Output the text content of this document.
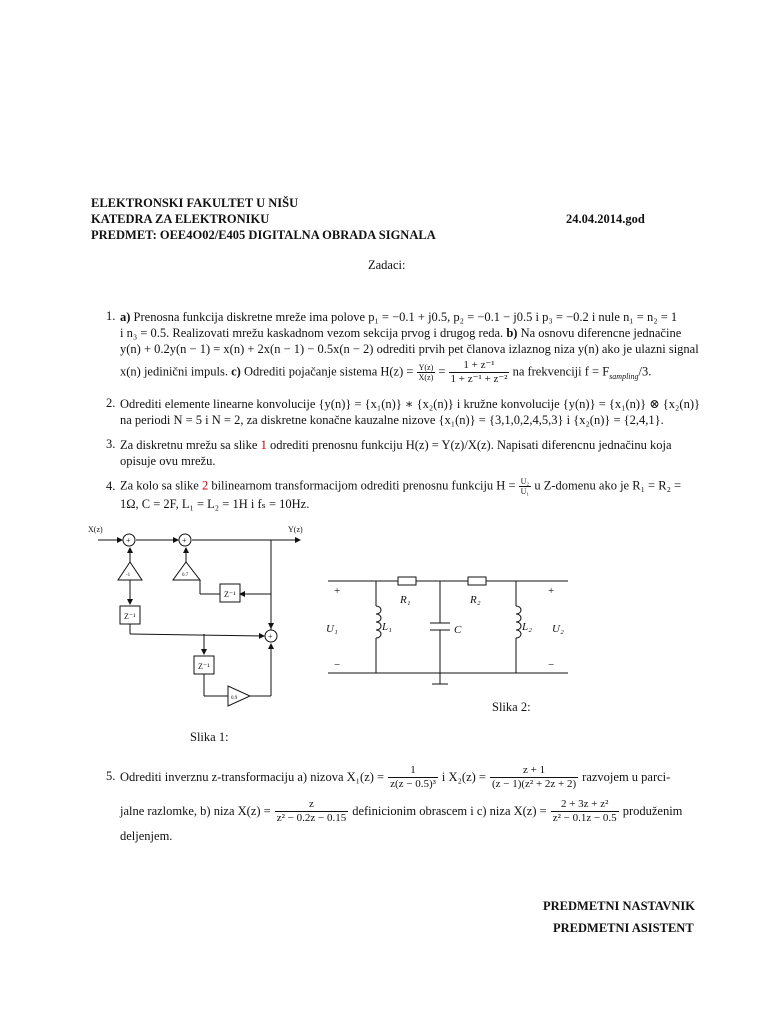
ELEKTRONSKI FAKULTET U NIŠU
KATEDRA ZA ELEKTRONIKU
PREDMET: OEE4O02/E405 DIGITALNA OBRADA SIGNALA
24.04.2014.god
Zadaci:
1. a) Prenosna funkcija diskretne mreže ima polove p₁ = −0.1 + j0.5, p₂ = −0.1 − j0.5 i p₃ = −0.2 i nule n₁ = n₂ = 1
i n₃ = 0.5. Realizovati mrežu kaskadnom vezom sekcija prvog i drugog reda. b) Na osnovu diferencne jednačine
y(n) + 0.2y(n − 1) = x(n) + 2x(n − 1) − 0.5x(n − 2) odrediti prvih pet članova izlaznog niza y(n) ako je ulazni signal
x(n) jedinični impuls. c) Odrediti pojačanje sistema $H(z) = \frac{Y(z)}{X(z)} = \frac{\text{1 + z⁻¹}}{\text{1 + z⁻¹ + z⁻²}}$ na frekvenciji $f = F_{sampling}/3$.
2. Odrediti elemente linearne konvolucije {y(n)} = {x₁(n)} ∗ {x₂(n)} i kružne konvolucije {y(n)} = {x₁(n)} ⊗ {x₂(n)}
na periodi N = 5 i N = 2, za diskretne konačne kauzalne nizove {x₁(n)} = {3,1,0,2,4,5,3} i {x₂(n)} = {2,4,1}.
3. Za diskretnu mrežu sa slike 1 odrediti prenosnu funkciju H(z) = Y(z)/X(z). Napisati diferencnu jednačinu koja
opisuje ovu mrežu.
4. Za kolo sa slike 2 bilinearnom transformacijom odrediti prenosnu funkciju $H = \frac{\text{U₂}}{\text{U₁}}$ u Z-domenu ako je R₁ = R₂ =
1Ω, C = 2F, L₁ = L₂ = 1H i fₛ = 10Hz.
X(z)	Y(z)
+	+
+
-1	0.7
0.9
Z⁻¹
Z⁻¹
Z⁻¹
Slika 1:
+	+
−	−
R₁	R₂
L₁	L₂
C
U₁	U₂
Slika 2:
5. Odrediti inverznu z-transformaciju a) nizova $X_1(z) = \frac{1}{\text{z(z − 0.5)³}}$ i $X_2(z) = \frac{z + 1}{\text{(z − 1)(z² + 2z + 2)}}$ razvojem u parci-
jalne razlomke, b) niza $X(z) = \frac{z}{\text{z² − 0.2z − 0.15}}$ definicionim obrascem i c) niza $X(z) = \frac{\text{2 + 3z + z²}}{\text{z² − 0.1z − 0.5}}$ produženim
deljenjem.
PREDMETNI NASTAVNIK
PREDMETNI ASISTENT
